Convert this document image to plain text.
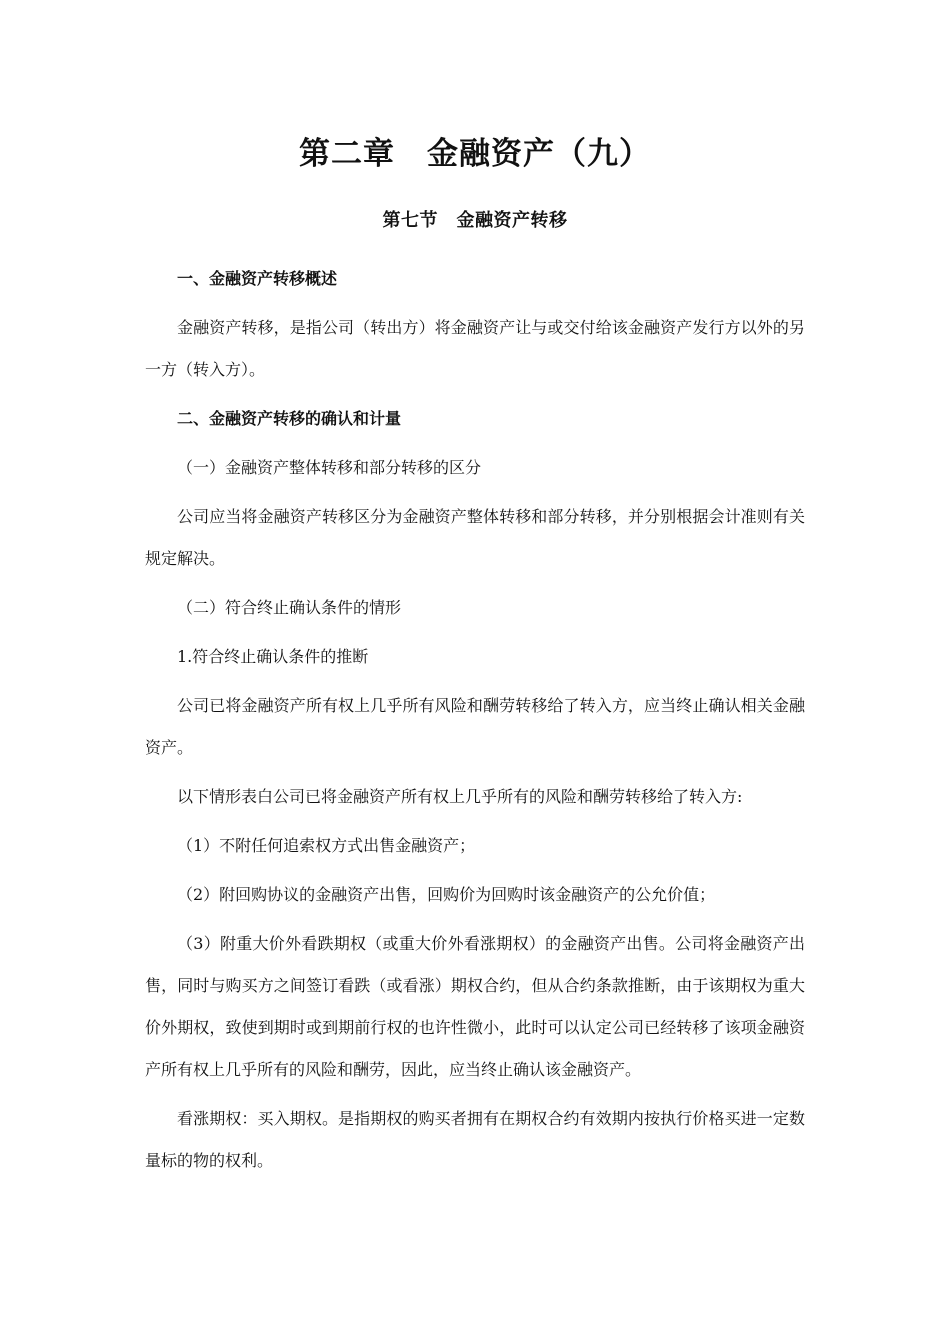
第二章　金融资产（九）
第七节　金融资产转移

一、金融资产转移概述

金融资产转移，是指公司（转出方）将金融资产让与或交付给该金融资产发行方以外的另一方（转入方）。

二、金融资产转移的确认和计量

（一）金融资产整体转移和部分转移的区分

公司应当将金融资产转移区分为金融资产整体转移和部分转移，并分别根据会计准则有关规定解决。

（二）符合终止确认条件的情形

1.符合终止确认条件的推断

公司已将金融资产所有权上几乎所有风险和酬劳转移给了转入方，应当终止确认相关金融资产。

以下情形表白公司已将金融资产所有权上几乎所有的风险和酬劳转移给了转入方:

（1）不附任何追索权方式出售金融资产；

（2）附回购协议的金融资产出售，回购价为回购时该金融资产的公允价值；

（3）附重大价外看跌期权（或重大价外看涨期权）的金融资产出售。公司将金融资产出售，同时与购买方之间签订看跌（或看涨）期权合约，但从合约条款推断，由于该期权为重大价外期权，致使到期时或到期前行权的也许性微小，此时可以认定公司已经转移了该项金融资产所有权上几乎所有的风险和酬劳，因此，应当终止确认该金融资产。

看涨期权：买入期权。是指期权的购买者拥有在期权合约有效期内按执行价格买进一定数量标的物的权利。
